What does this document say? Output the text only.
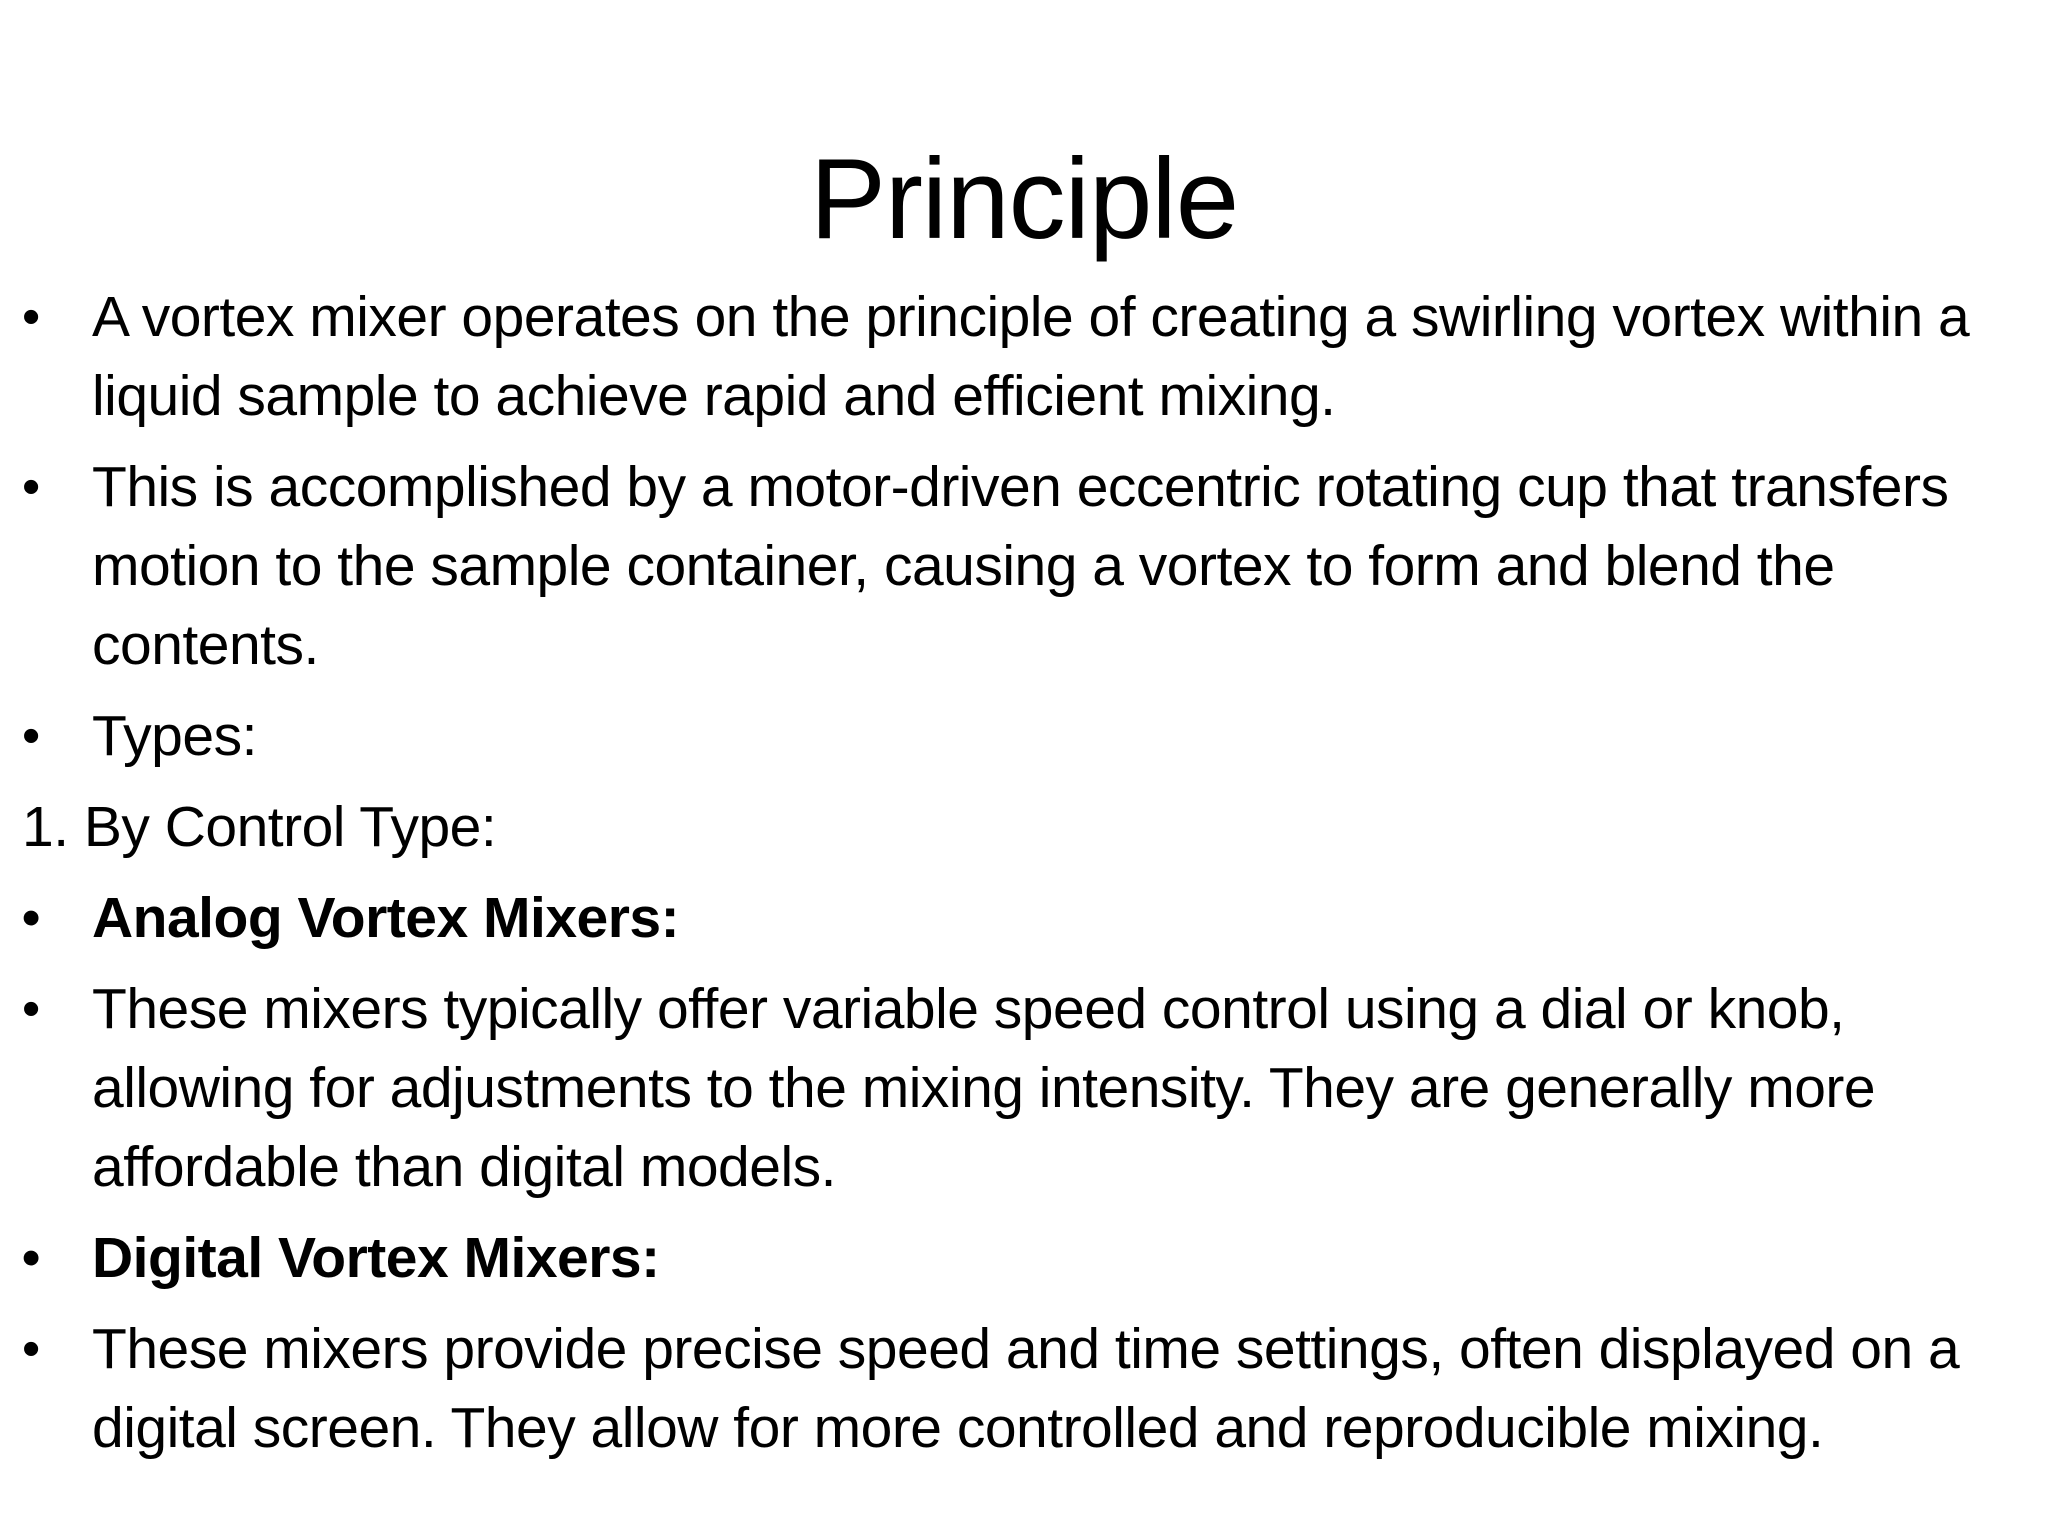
Principle
• A vortex mixer operates on the principle of creating a swirling vortex within a liquid sample to achieve rapid and efficient mixing.
• This is accomplished by a motor-driven eccentric rotating cup that transfers motion to the sample container, causing a vortex to form and blend the contents.
• Types:
1. By Control Type:
• Analog Vortex Mixers:
• These mixers typically offer variable speed control using a dial or knob, allowing for adjustments to the mixing intensity. They are generally more affordable than digital models.
• Digital Vortex Mixers:
• These mixers provide precise speed and time settings, often displayed on a digital screen. They allow for more controlled and reproducible mixing.
